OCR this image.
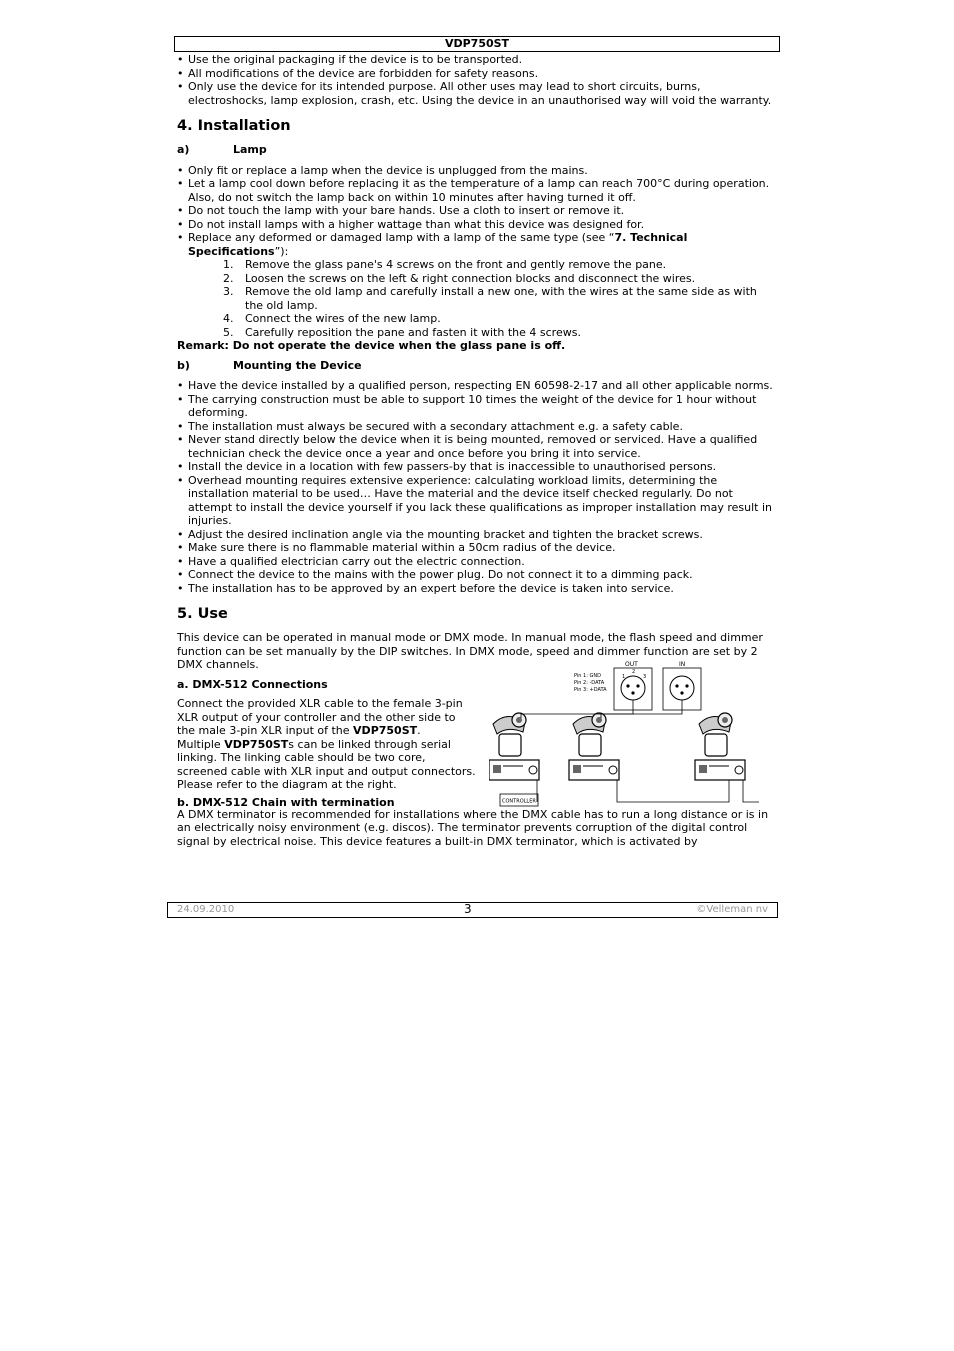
VDP750ST
• Use the original packaging if the device is to be transported.
• All modifications of the device are forbidden for safety reasons.
• Only use the device for its intended purpose. All other uses may lead to short circuits, burns, electroshocks, lamp explosion, crash, etc. Using the device in an unauthorised way will void the warranty.
4. Installation
a)	Lamp
• Only fit or replace a lamp when the device is unplugged from the mains.
• Let a lamp cool down before replacing it as the temperature of a lamp can reach 700°C during operation.
Also, do not switch the lamp back on within 10 minutes after having turned it off.
• Do not touch the lamp with your bare hands. Use a cloth to insert or remove it.
• Do not install lamps with a higher wattage than what this device was designed for.
• Replace any deformed or damaged lamp with a lamp of the same type (see “7. Technical Specifications”):
1. Remove the glass pane's 4 screws on the front and gently remove the pane.
2. Loosen the screws on the left & right connection blocks and disconnect the wires.
3. Remove the old lamp and carefully install a new one, with the wires at the same side as with the old lamp.
4. Connect the wires of the new lamp.
5. Carefully reposition the pane and fasten it with the 4 screws.
Remark: Do not operate the device when the glass pane is off.
b)	Mounting the Device
• Have the device installed by a qualified person, respecting EN 60598-2-17 and all other applicable norms.
• The carrying construction must be able to support 10 times the weight of the device for 1 hour without deforming.
• The installation must always be secured with a secondary attachment e.g. a safety cable.
• Never stand directly below the device when it is being mounted, removed or serviced. Have a qualified technician check the device once a year and once before you bring it into service.
• Install the device in a location with few passers-by that is inaccessible to unauthorised persons.
• Overhead mounting requires extensive experience: calculating workload limits, determining the installation material to be used… Have the material and the device itself checked regularly. Do not attempt to install the device yourself if you lack these qualifications as improper installation may result in injuries.
• Adjust the desired inclination angle via the mounting bracket and tighten the bracket screws.
• Make sure there is no flammable material within a 50cm radius of the device.
• Have a qualified electrician carry out the electric connection.
• Connect the device to the mains with the power plug. Do not connect it to a dimming pack.
• The installation has to be approved by an expert before the device is taken into service.
5. Use

This device can be operated in manual mode or DMX mode. In manual mode, the flash speed and dimmer function can be set manually by the DIP switches. In DMX mode, speed and dimmer function are set by 2 DMX channels.

a. DMX-512 Connections

Connect the provided XLR cable to the female 3-pin XLR output of your controller and the other side to the male 3-pin XLR input of the VDP750ST.

Multiple VDP750STs can be linked through serial linking. The linking cable should be two core, screened cable with XLR input and output connectors.

Please refer to the diagram at the right.

b. DMX-512 Chain with termination
Pin 1: GND
Pin 2: -DATA
Pin 3: +DATA
OUT
1
2
3
IN
CONTROLLER

A DMX terminator is recommended for installations where the DMX cable has to run a long distance or is in an electrically noisy environment (e.g. discos). The terminator prevents corruption of the digital control signal by electrical noise. This device features a built-in DMX terminator, which is activated by

24.09.2010	3	©Velleman nv
